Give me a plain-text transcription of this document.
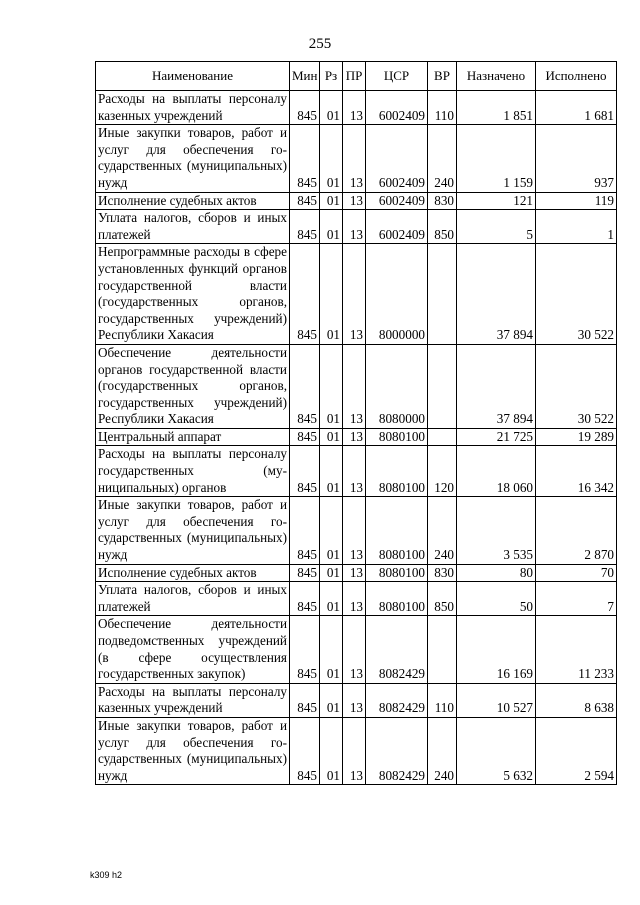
255
Наименование	Мин	Рз	ПР	ЦСР	ВР	Назначено	Исполнено
Расходы на выплаты персоналу казенных учреждений	845	01	13	6002409	110	1 851	1 681
Иные закупки товаров, работ и услуг для обеспечения государственных (муниципальных) нужд	845	01	13	6002409	240	1 159	937
Исполнение судебных актов	845	01	13	6002409	830	121	119
Уплата налогов, сборов и иных платежей	845	01	13	6002409	850	5	1
Непрограммные расходы в сфере установленных функций органов государственной власти (государственных органов, государственных учреждений) Республики Хакасия	845	01	13	8000000		37 894	30 522
Обеспечение деятельности органов государственной власти (государственных органов, государственных учреждений) Республики Хакасия	845	01	13	8080000		37 894	30 522
Центральный аппарат	845	01	13	8080100		21 725	19 289
Расходы на выплаты персоналу государственных (муниципальных) органов	845	01	13	8080100	120	18 060	16 342
Иные закупки товаров, работ и услуг для обеспечения государственных (муниципальных) нужд	845	01	13	8080100	240	3 535	2 870
Исполнение судебных актов	845	01	13	8080100	830	80	70
Уплата налогов, сборов и иных платежей	845	01	13	8080100	850	50	7
Обеспечение деятельности подведомственных учреждений (в сфере осуществления государственных закупок)	845	01	13	8082429		16 169	11 233
Расходы на выплаты персоналу казенных учреждений	845	01	13	8082429	110	10 527	8 638
Иные закупки товаров, работ и услуг для обеспечения государственных (муниципальных) нужд	845	01	13	8082429	240	5 632	2 594
k309 h2
